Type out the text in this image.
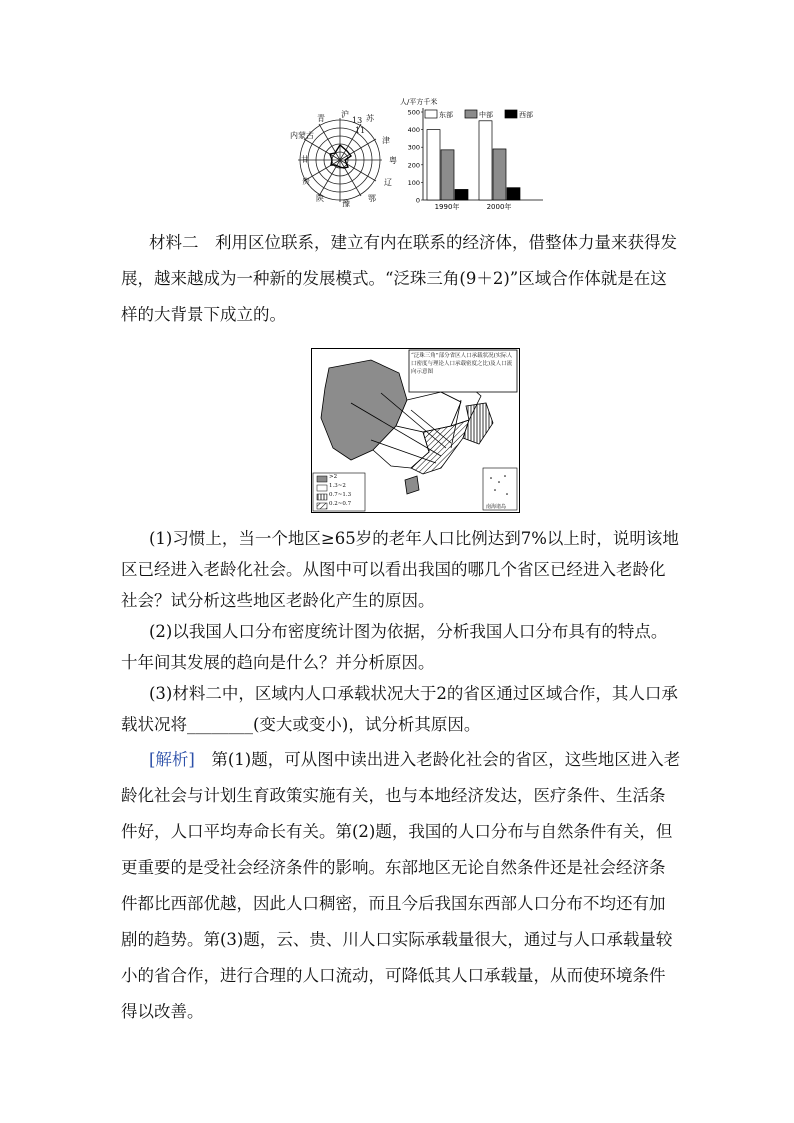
沪 苏
13
11
津
粤
辽
鄂
豫
陕
贵
甘
内蒙古
青
人/平方千米
500
400
300
200
100
0
1990年	2000年
东部	中部	西部
材料二  利用区位联系，建立有内在联系的经济体，借整体力量来获得发展，越来越成为一种新的发展模式。“泛珠三角(9＋2)”区域合作体就是在这样的大背景下成立的。
“泛珠三角”部分省区人口承载状况(实际人口密度与理论人口承载密度之比)及人口流向示意图
>2
1.3~2
0.7~1.3
0.2~0.7	南海诸岛
(1)习惯上，当一个地区≥65岁的老年人口比例达到7%以上时，说明该地区已经进入老龄化社会。从图中可以看出我国的哪几个省区已经进入老龄化社会？试分析这些地区老龄化产生的原因。
(2)以我国人口分布密度统计图为依据，分析我国人口分布具有的特点。十年间其发展的趋向是什么？并分析原因。
(3)材料二中，区域内人口承载状况大于2的省区通过区域合作，其人口承载状况将________(变大或变小)，试分析其原因。
[解析]  第(1)题，可从图中读出进入老龄化社会的省区，这些地区进入老龄化社会与计划生育政策实施有关，也与本地经济发达，医疗条件、生活条件好，人口平均寿命长有关。第(2)题，我国的人口分布与自然条件有关，但更重要的是受社会经济条件的影响。东部地区无论自然条件还是社会经济条件都比西部优越，因此人口稠密，而且今后我国东西部人口分布不均还有加剧的趋势。第(3)题，云、贵、川人口实际承载量很大，通过与人口承载量较小的省合作，进行合理的人口流动，可降低其人口承载量，从而使环境条件得以改善。
